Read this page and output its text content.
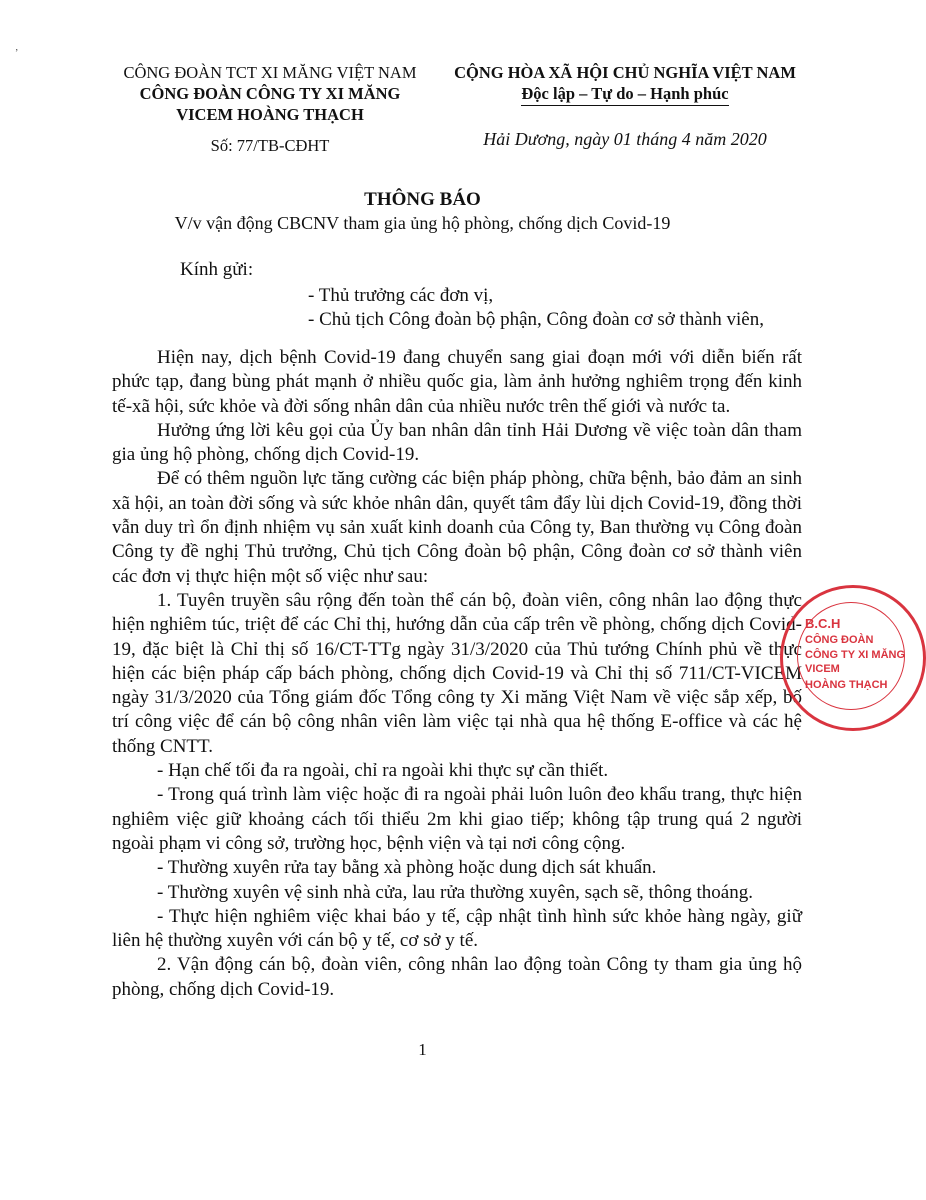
ʼ
CÔNG ĐOÀN TCT XI MĂNG VIỆT NAM
CÔNG ĐOÀN CÔNG TY XI MĂNG
VICEM HOÀNG THẠCH
Số: 77/TB-CĐHT
CỘNG HÒA XÃ HỘI CHỦ NGHĨA VIỆT NAM
Độc lập – Tự do – Hạnh phúc
Hải Dương, ngày 01 tháng 4 năm 2020
THÔNG BÁO
V/v vận động CBCNV tham gia ủng hộ phòng, chống dịch Covid-19
Kính gửi:
- Thủ trưởng các đơn vị,
- Chủ tịch Công đoàn bộ phận, Công đoàn cơ sở thành viên,

Hiện nay, dịch bệnh Covid-19 đang chuyển sang giai đoạn mới với diễn biến rất phức tạp, đang bùng phát mạnh ở nhiều quốc gia, làm ảnh hưởng nghiêm trọng đến kinh tế-xã hội, sức khỏe và đời sống nhân dân của nhiều nước trên thế giới và nước ta.

Hưởng ứng lời kêu gọi của Ủy ban nhân dân tỉnh Hải Dương về việc toàn dân tham gia ủng hộ phòng, chống dịch Covid-19.

Để có thêm nguồn lực tăng cường các biện pháp phòng, chữa bệnh, bảo đảm an sinh xã hội, an toàn đời sống và sức khỏe nhân dân, quyết tâm đẩy lùi dịch Covid-19, đồng thời vẫn duy trì ổn định nhiệm vụ sản xuất kinh doanh của Công ty, Ban thường vụ Công đoàn Công ty đề nghị Thủ trưởng, Chủ tịch Công đoàn bộ phận, Công đoàn cơ sở thành viên các đơn vị thực hiện một số việc như sau:

1. Tuyên truyền sâu rộng đến toàn thể cán bộ, đoàn viên, công nhân lao động thực hiện nghiêm túc, triệt để các Chỉ thị, hướng dẫn của cấp trên về phòng, chống dịch Covid-19, đặc biệt là Chỉ thị số 16/CT-TTg ngày 31/3/2020 của Thủ tướng Chính phủ về thực hiện các biện pháp cấp bách phòng, chống dịch Covid-19 và Chỉ thị số 711/CT-VICEM ngày 31/3/2020 của Tổng giám đốc Tổng công ty Xi măng Việt Nam về việc sắp xếp, bố trí công việc để cán bộ công nhân viên làm việc tại nhà qua hệ thống E-office và các hệ thống CNTT.

- Hạn chế tối đa ra ngoài, chỉ ra ngoài khi thực sự cần thiết.

- Trong quá trình làm việc hoặc đi ra ngoài phải luôn luôn đeo khẩu trang, thực hiện nghiêm việc giữ khoảng cách tối thiểu 2m khi giao tiếp; không tập trung quá 2 người ngoài phạm vi công sở, trường học, bệnh viện và tại nơi công cộng.

- Thường xuyên rửa tay bằng xà phòng hoặc dung dịch sát khuẩn.

- Thường xuyên vệ sinh nhà cửa, lau rửa thường xuyên, sạch sẽ, thông thoáng.

- Thực hiện nghiêm việc khai báo y tế, cập nhật tình hình sức khỏe hàng ngày, giữ liên hệ thường xuyên với cán bộ y tế, cơ sở y tế.

2. Vận động cán bộ, đoàn viên, công nhân lao động toàn Công ty tham gia ủng hộ phòng, chống dịch Covid-19.

1
B.C.H
CÔNG ĐOÀN
CÔNG TY XI MĂNG
VICEM
HOÀNG THẠCH
